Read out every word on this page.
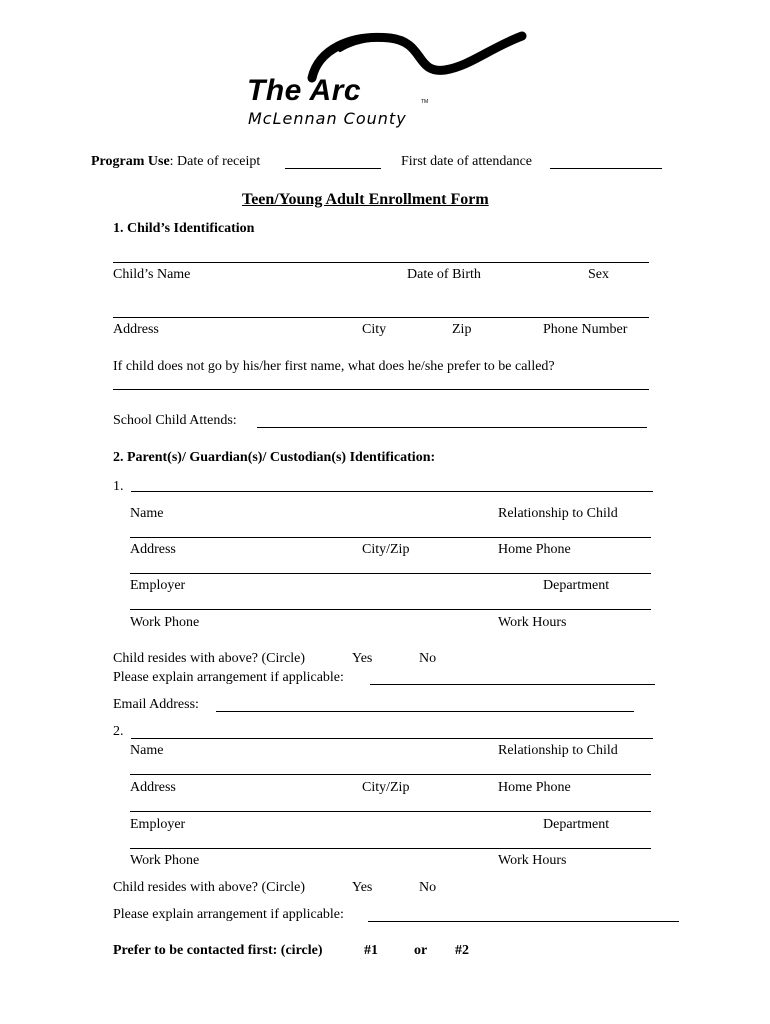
The Arc	TM
McLennan County
Program Use: Date of receipt	First date of attendance
Teen/Young Adult Enrollment Form
1. Child’s Identification
Child’s Name	Date of Birth	Sex
Address	City	Zip	Phone Number
If child does not go by his/her first name, what does he/she prefer to be called?
School Child Attends:
2. Parent(s)/ Guardian(s)/ Custodian(s) Identification:
1.
Name	Relationship to Child
Address	City/Zip	Home Phone
Employer	Department
Work Phone	Work Hours
Child resides with above? (Circle)	Yes	No
Please explain arrangement if applicable:
Email Address:
2.
Name	Relationship to Child
Address	City/Zip	Home Phone
Employer	Department
Work Phone	Work Hours
Child resides with above? (Circle)	Yes	No
Please explain arrangement if applicable:
Prefer to be contacted first: (circle)	#1	or #2
